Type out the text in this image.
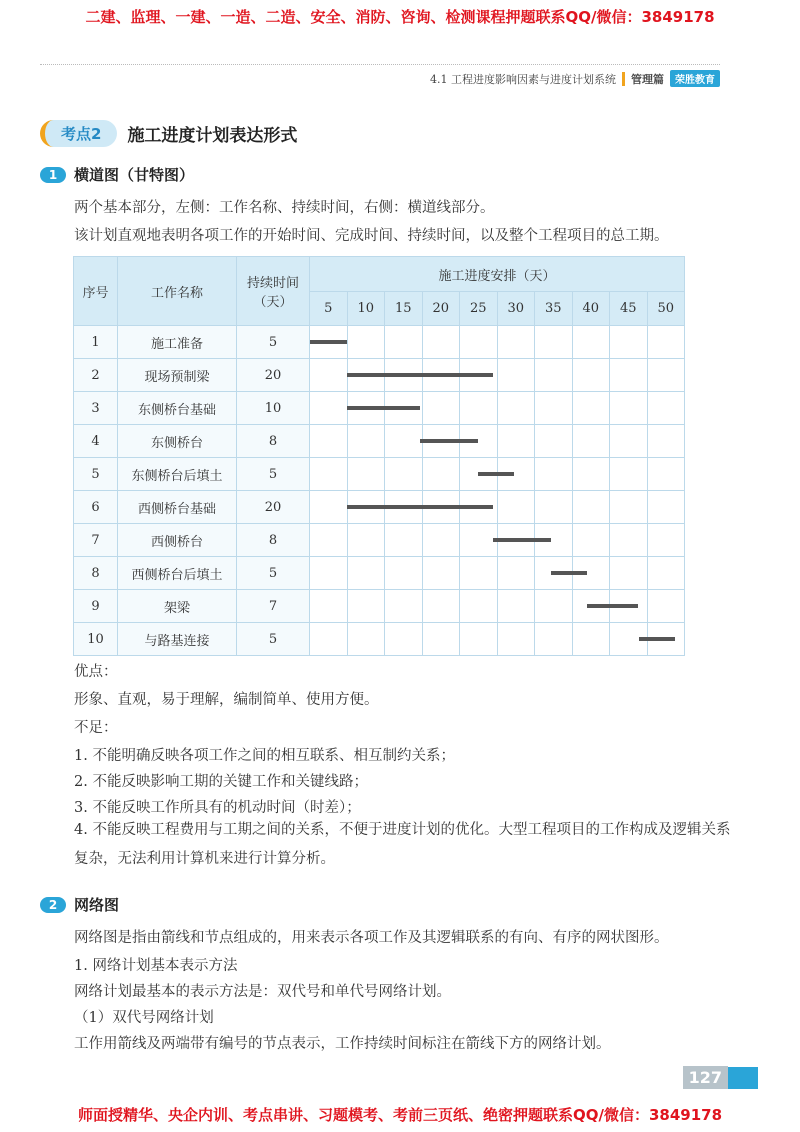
二建、监理、一建、一造、二造、安全、消防、咨询、检测课程押题联系QQ/微信：3849178
4.1 工程进度影响因素与进度计划系统 管理篇	荣胜教育
考点2	施工进度计划表达形式
1	横道图（甘特图）
两个基本部分，左侧：工作名称、持续时间，右侧：横道线部分。
该计划直观地表明各项工作的开始时间、完成时间、持续时间，以及整个工程项目的总工期。
序号	工作名称	持续时间（天）	施工进度安排（天）									
			5	10	15	20	25	30	35	40	45	50
1	施工准备	5	

2	现场预制梁	20	

3	东侧桥台基础	10	

4	东侧桥台	8	

5	东侧桥台后填土	5	

6	西侧桥台基础	20	

7	西侧桥台	8	

8	西侧桥台后填土	5	

9	架梁	7	

10	与路基连接	5	

优点：
形象、直观，易于理解，编制简单、使用方便。
不足：
1. 不能明确反映各项工作之间的相互联系、相互制约关系；
2. 不能反映影响工期的关键工作和关键线路；
3. 不能反映工作所具有的机动时间（时差）；
4. 不能反映工程费用与工期之间的关系，不便于进度计划的优化。大型工程项目的工作构成及逻辑关系复杂，无法利用计算机来进行计算分析。
2	网络图
网络图是指由箭线和节点组成的，用来表示各项工作及其逻辑联系的有向、有序的网状图形。
1. 网络计划基本表示方法
网络计划最基本的表示方法是：双代号和单代号网络计划。
（1）双代号网络计划
工作用箭线及两端带有编号的节点表示，工作持续时间标注在箭线下方的网络计划。
127
师面授精华、央企内训、考点串讲、习题模考、考前三页纸、绝密押题联系QQ/微信：3849178
